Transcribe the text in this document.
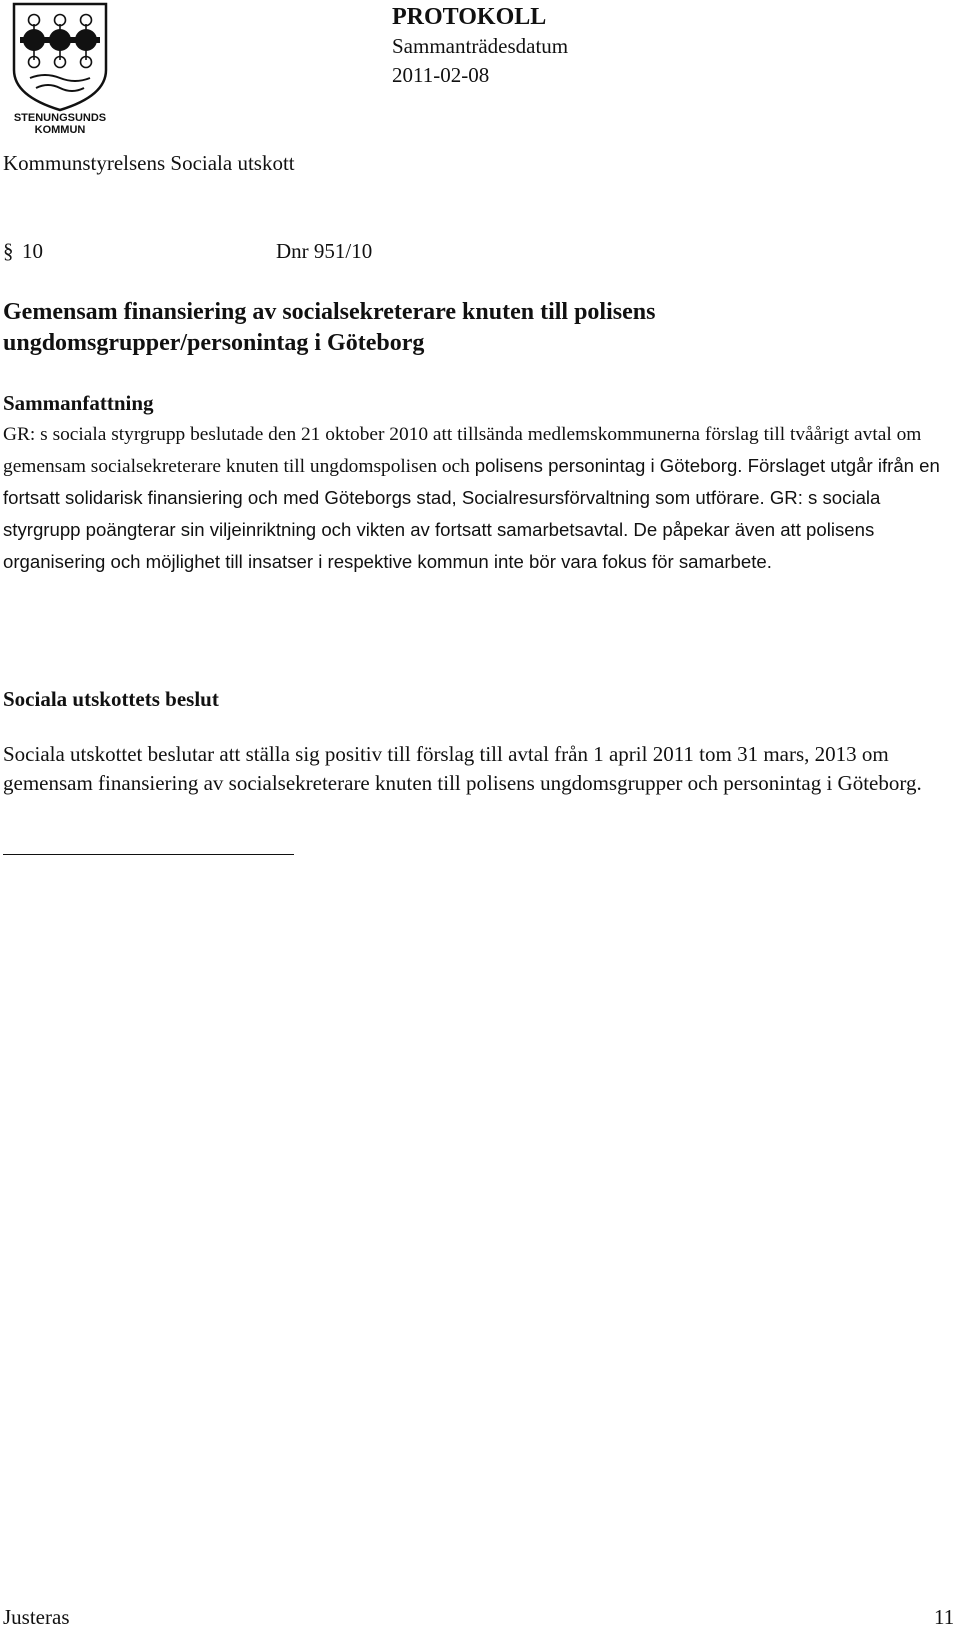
STENUNGSUNDS
KOMMUN
PROTOKOLL
Sammanträdesdatum
2011-02-08
Kommunstyrelsens Sociala utskott
§ 10	Dnr 951/10
Gemensam finansiering av socialsekreterare knuten till polisens ungdomsgrupper/personintag i Göteborg
Sammanfattning
GR: s sociala styrgrupp beslutade den 21 oktober 2010 att tillsända medlemskommunerna förslag till tvåårigt avtal om gemensam socialsekreterare knuten till ungdomspolisen och polisens personintag i Göteborg. Förslaget utgår ifrån en fortsatt solidarisk finansiering och med Göteborgs stad, Socialresursförvaltning som utförare. GR: s sociala styrgrupp poängterar sin viljeinriktning och vikten av fortsatt samarbetsavtal. De påpekar även att polisens organisering och möjlighet till insatser i respektive kommun inte bör vara fokus för samarbete.
Sociala utskottets beslut
Sociala utskottet beslutar att ställa sig positiv till förslag till avtal från 1 april 2011 tom 31 mars, 2013 om gemensam finansiering av socialsekreterare knuten till polisens ungdomsgrupper och personintag i Göteborg.
Justeras	11
